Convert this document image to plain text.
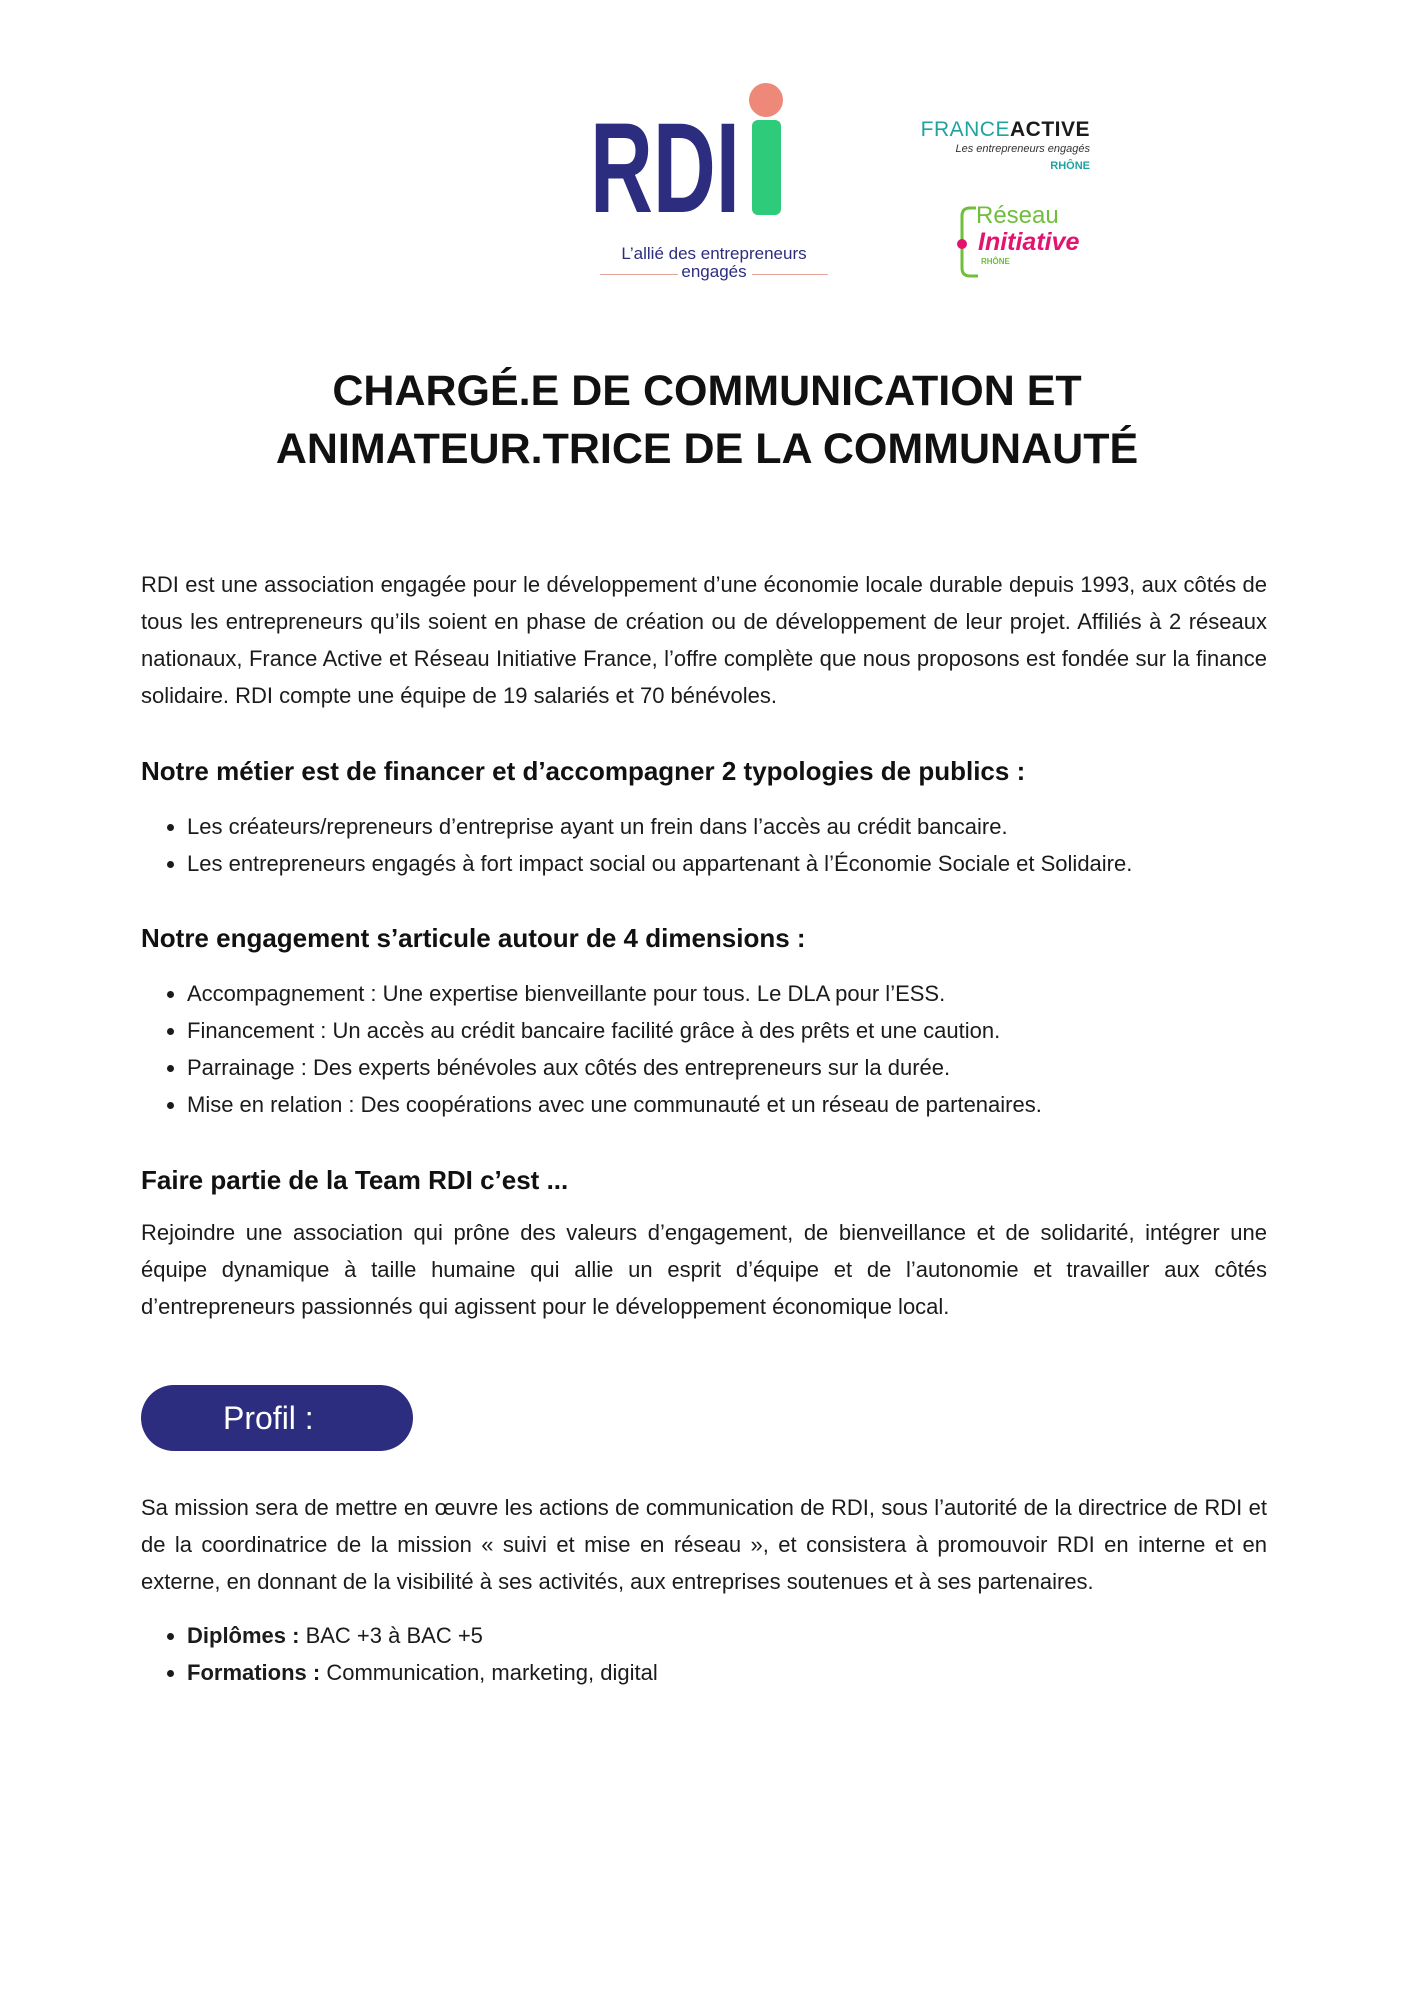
RDI
L’allié des entrepreneurs
engagés
FRANCEACTIVE
Les entrepreneurs engagés
RHÔNE
Réseau
Initiative
RHÔNE
CHARGÉ.E DE COMMUNICATION ET
ANIMATEUR.TRICE DE LA COMMUNAUTÉ

RDI est une association engagée pour le développement d’une économie locale durable depuis 1993, aux côtés de tous les entrepreneurs qu’ils soient en phase de création ou de développement de leur projet. Affiliés à 2 réseaux nationaux, France Active et Réseau Initiative France, l’offre complète que nous proposons est fondée sur la finance solidaire. RDI compte une équipe de 19 salariés et 70 bénévoles.

Notre métier est de financer et d’accompagner 2 typologies de publics :
• Les créateurs/repreneurs d’entreprise ayant un frein dans l’accès au crédit bancaire.
• Les entrepreneurs engagés à fort impact social ou appartenant à l’Économie Sociale et Solidaire.
Notre engagement s’articule autour de 4 dimensions :
• Accompagnement : Une expertise bienveillante pour tous. Le DLA pour l’ESS.
• Financement : Un accès au crédit bancaire facilité grâce à des prêts et une caution.
• Parrainage : Des experts bénévoles aux côtés des entrepreneurs sur la durée.
• Mise en relation : Des coopérations avec une communauté et un réseau de partenaires.
Faire partie de la Team RDI c’est ...

Rejoindre une association qui prône des valeurs d’engagement, de bienveillance et de solidarité, intégrer une équipe dynamique à taille humaine qui allie un esprit d’équipe et de l’autonomie et travailler aux côtés d’entrepreneurs passionnés qui agissent pour le développement économique local.

Profil :

Sa mission sera de mettre en œuvre les actions de communication de RDI, sous l’autorité de la directrice de RDI et de la coordinatrice de la mission « suivi et mise en réseau », et consistera à promouvoir RDI en interne et en externe, en donnant de la visibilité à ses activités, aux entreprises soutenues et à ses partenaires.

• Diplômes : BAC +3 à BAC +5
• Formations : Communication, marketing, digital
